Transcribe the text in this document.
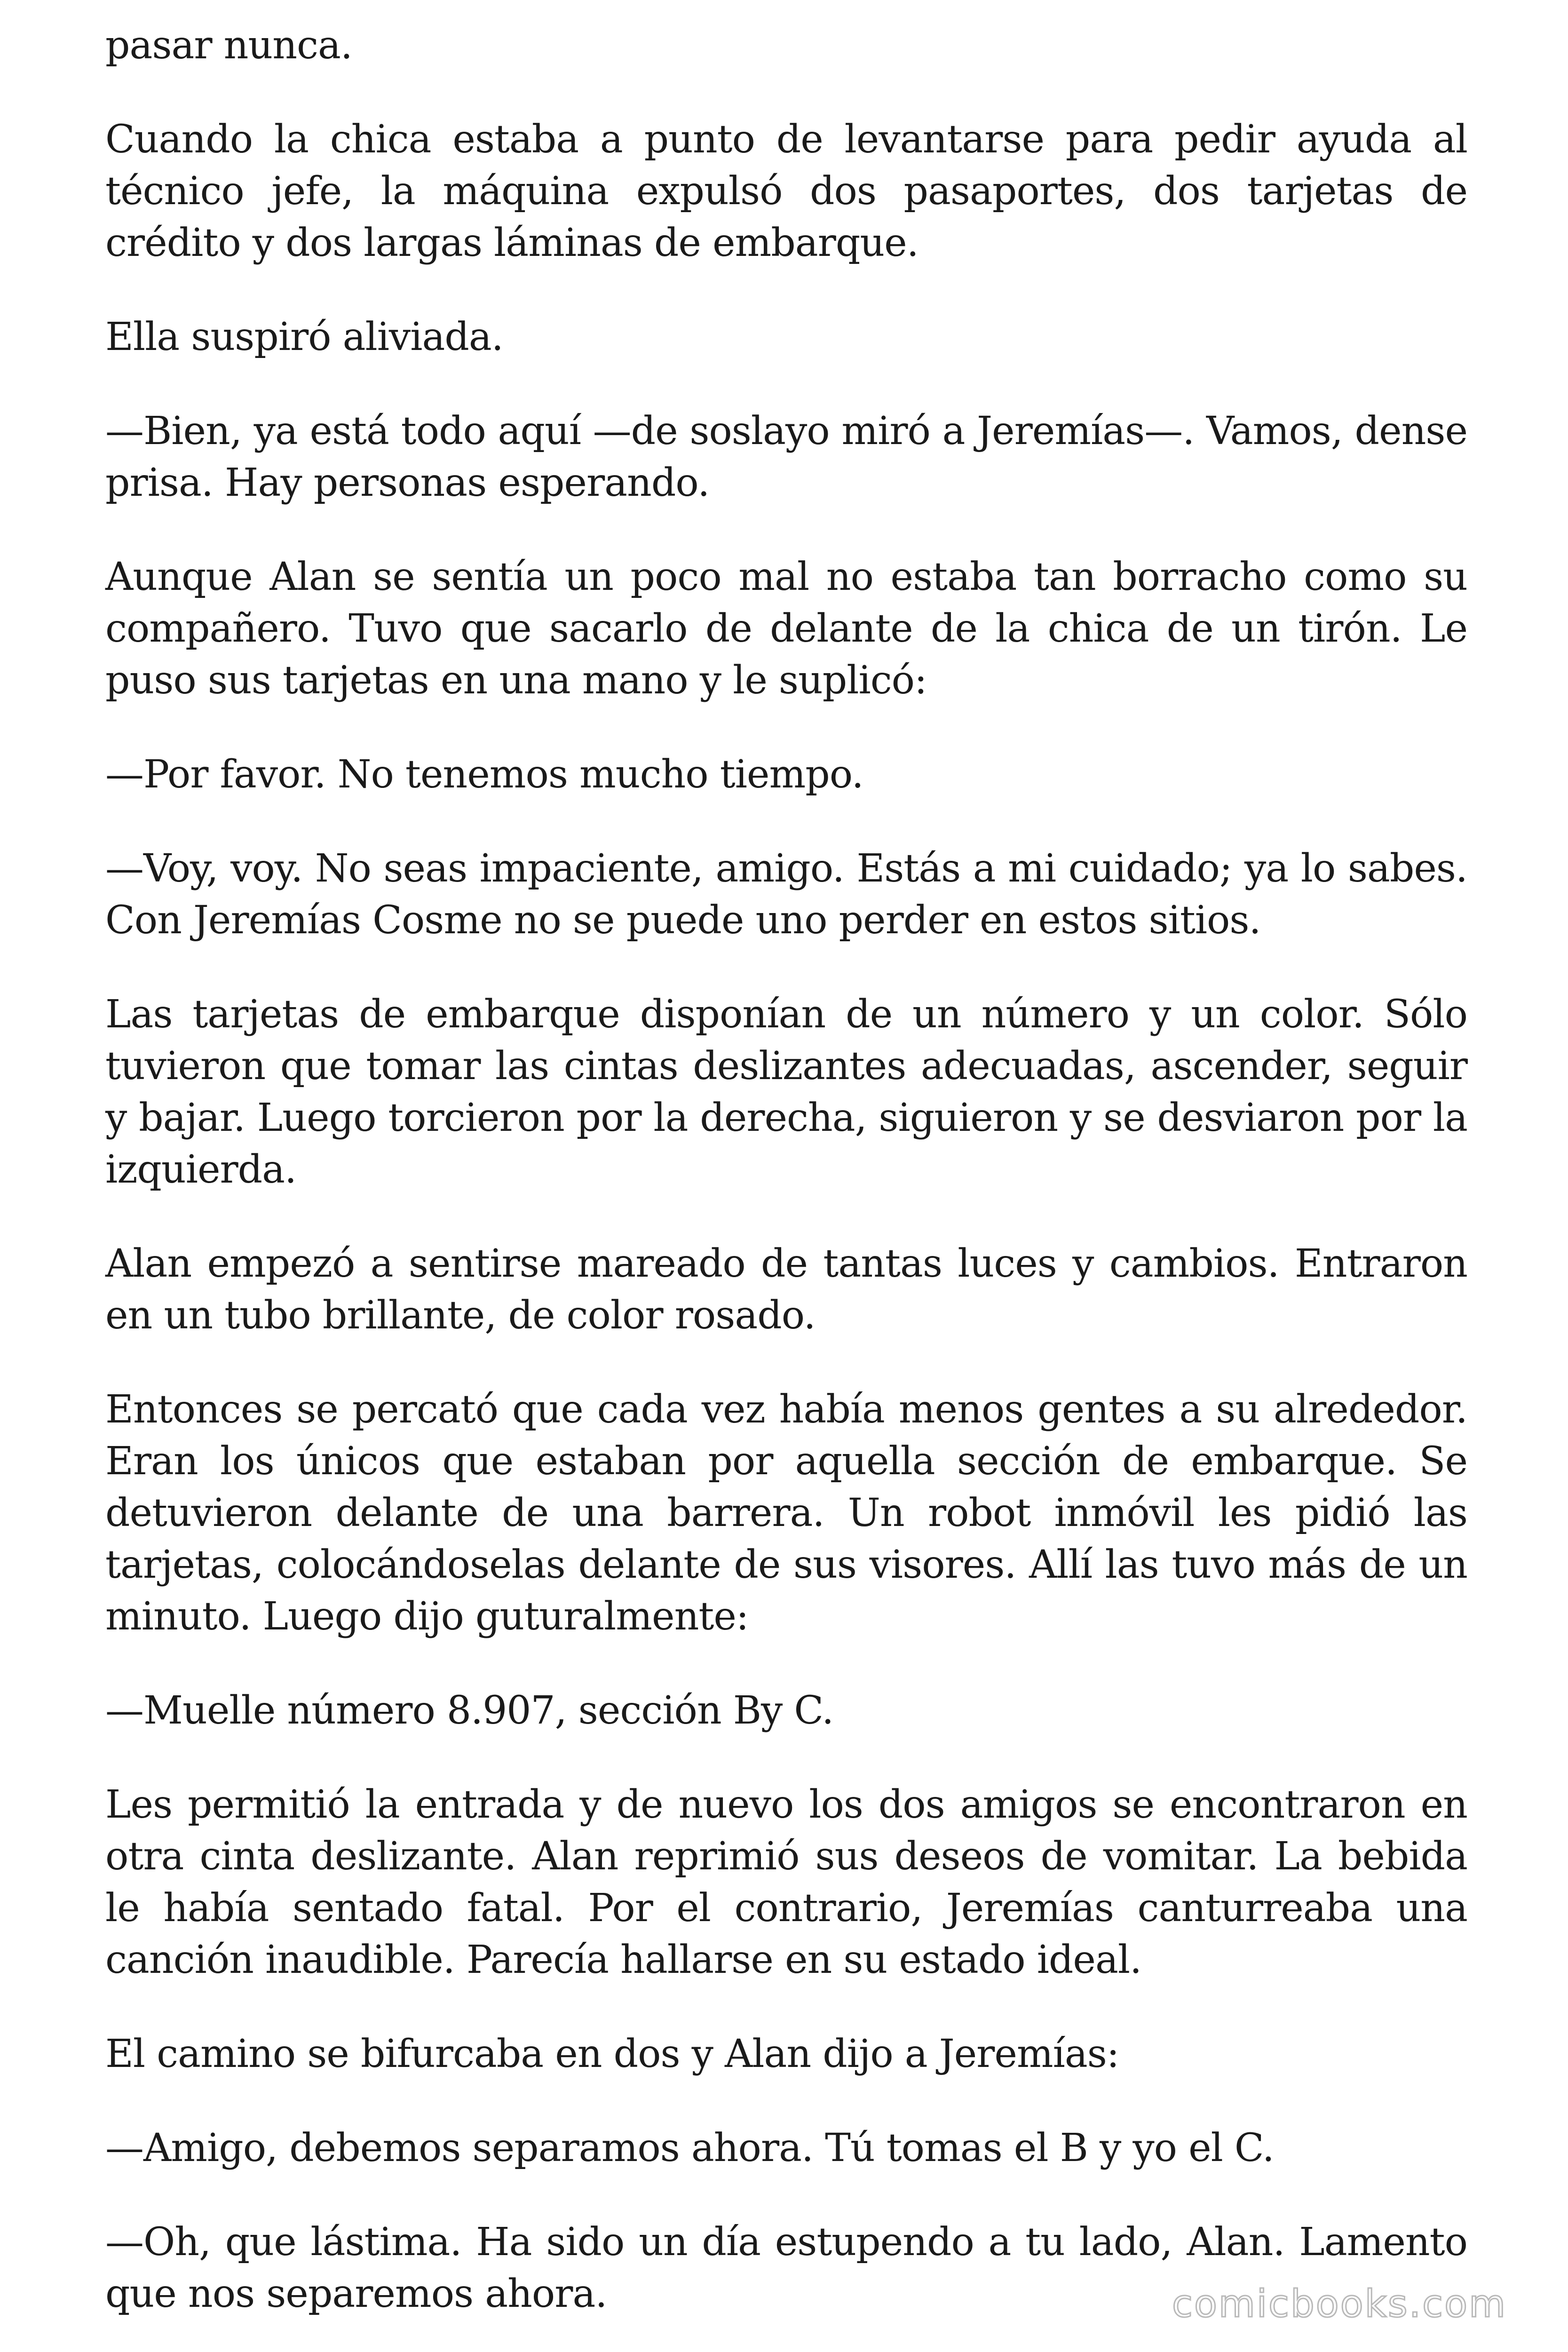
pasar nunca.

Cuando la chica estaba a punto de levantarse para pedir ayuda al técnico jefe, la máquina expulsó dos pasaportes, dos tarjetas de crédito y dos largas láminas de embarque.

Ella suspiró aliviada.

—Bien, ya está todo aquí —de soslayo miró a Jeremías—. Vamos, dense prisa. Hay personas esperando.

Aunque Alan se sentía un poco mal no estaba tan borracho como su compañero. Tuvo que sacarlo de delante de la chica de un tirón. Le puso sus tarjetas en una mano y le suplicó:

—Por favor. No tenemos mucho tiempo.

—Voy, voy. No seas impaciente, amigo. Estás a mi cuidado; ya lo sabes. Con Jeremías Cosme no se puede uno perder en estos sitios.

Las tarjetas de embarque disponían de un número y un color. Sólo tuvieron que tomar las cintas deslizantes adecuadas, ascender, seguir y bajar. Luego torcieron por la derecha, siguieron y se desviaron por la izquierda.

Alan empezó a sentirse mareado de tantas luces y cambios. Entraron en un tubo brillante, de color rosado.

Entonces se percató que cada vez había menos gentes a su alrededor. Eran los únicos que estaban por aquella sección de embarque. Se detuvieron delante de una barrera. Un robot inmóvil les pidió las tarjetas, colocándoselas delante de sus visores. Allí las tuvo más de un minuto. Luego dijo guturalmente:

—Muelle número 8.907, sección By C.

Les permitió la entrada y de nuevo los dos amigos se encontraron en otra cinta deslizante. Alan reprimió sus deseos de vomitar. La bebida le había sentado fatal. Por el contrario, Jeremías canturreaba una canción inaudible. Parecía hallarse en su estado ideal.

El camino se bifurcaba en dos y Alan dijo a Jeremías:

—Amigo, debemos separamos ahora. Tú tomas el B y yo el C.

—Oh, que lástima. Ha sido un día estupendo a tu lado, Alan. Lamento que nos separemos ahora.	comicbooks.com
